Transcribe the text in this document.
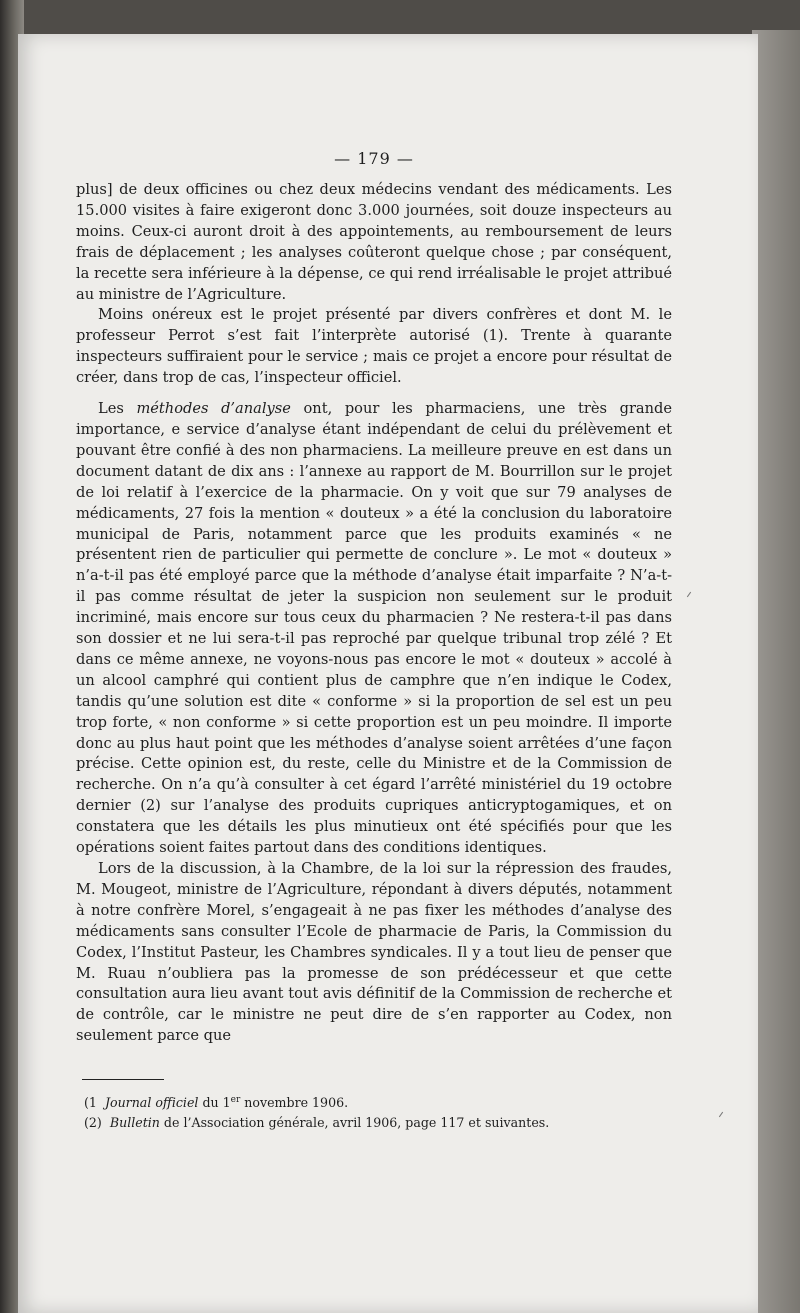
— 179 —

plus] de deux officines ou chez deux médecins vendant des médicaments. Les 15.000 visites à faire exigeront donc 3.000 journées, soit douze inspecteurs au moins. Ceux-ci auront droit à des appointements, au remboursement de leurs frais de déplacement ; les analyses coûteront quelque chose ; par conséquent, la recette sera inférieure à la dépense, ce qui rend irréalisable le projet attribué au ministre de l’Agriculture.

Moins onéreux est le projet présenté par divers confrères et dont M. le professeur Perrot s’est fait l’interprète autorisé (1). Trente à quarante inspecteurs suffiraient pour le service ; mais ce projet a encore pour résultat de créer, dans trop de cas, l’inspecteur officiel.

Les méthodes d’analyse ont, pour les pharmaciens, une très grande importance, e service d’analyse étant indépendant de celui du prélèvement et pouvant être confié à des non pharmaciens. La meilleure preuve en est dans un document datant de dix ans : l’annexe au rapport de M. Bourrillon sur le projet de loi relatif à l’exercice de la pharmacie. On y voit que sur 79 analyses de médicaments, 27 fois la mention « douteux » a été la conclusion du laboratoire municipal de Paris, notamment parce que les produits examinés « ne présentent rien de particulier qui permette de conclure ». Le mot « douteux » n’a-t-il pas été employé parce que la méthode d’analyse était imparfaite ? N’a-t-il pas comme résultat de jeter la suspicion non seulement sur le produit incriminé, mais encore sur tous ceux du pharmacien ? Ne restera-t-il pas dans son dossier et ne lui sera-t-il pas reproché par quelque tribunal trop zélé ? Et dans ce même annexe, ne voyons-nous pas encore le mot « douteux » accolé à un alcool camphré qui contient plus de camphre que n’en indique le Codex, tandis qu’une solution est dite « conforme » si la proportion de sel est un peu trop forte, « non conforme » si cette proportion est un peu moindre. Il importe donc au plus haut point que les méthodes d’analyse soient arrêtées d’une façon précise. Cette opinion est, du reste, celle du Ministre et de la Commission de recherche. On n’a qu’à consulter à cet égard l’arrêté ministériel du 19 octobre dernier (2) sur l’analyse des produits cupriques anticryptogamiques, et on constatera que les détails les plus minutieux ont été spécifiés pour que les opérations soient faites partout dans des conditions identiques.

Lors de la discussion, à la Chambre, de la loi sur la répression des fraudes, M. Mougeot, ministre de l’Agriculture, répondant à divers députés, notamment à notre confrère Morel, s’engageait à ne pas fixer les méthodes d’analyse des médicaments sans consulter l’Ecole de pharmacie de Paris, la Commission du Codex, l’Institut Pasteur, les Chambres syndicales. Il y a tout lieu de penser que M. Ruau n’oubliera pas la promesse de son prédécesseur et que cette consultation aura lieu avant tout avis définitif de la Commission de recherche et de contrôle, car le ministre ne peut dire de s’en rapporter au Codex, non seulement parce que

(1 Journal officiel du 1er novembre 1906.

(2) Bulletin de l’Association générale, avril 1906, page 117 et suivantes.
